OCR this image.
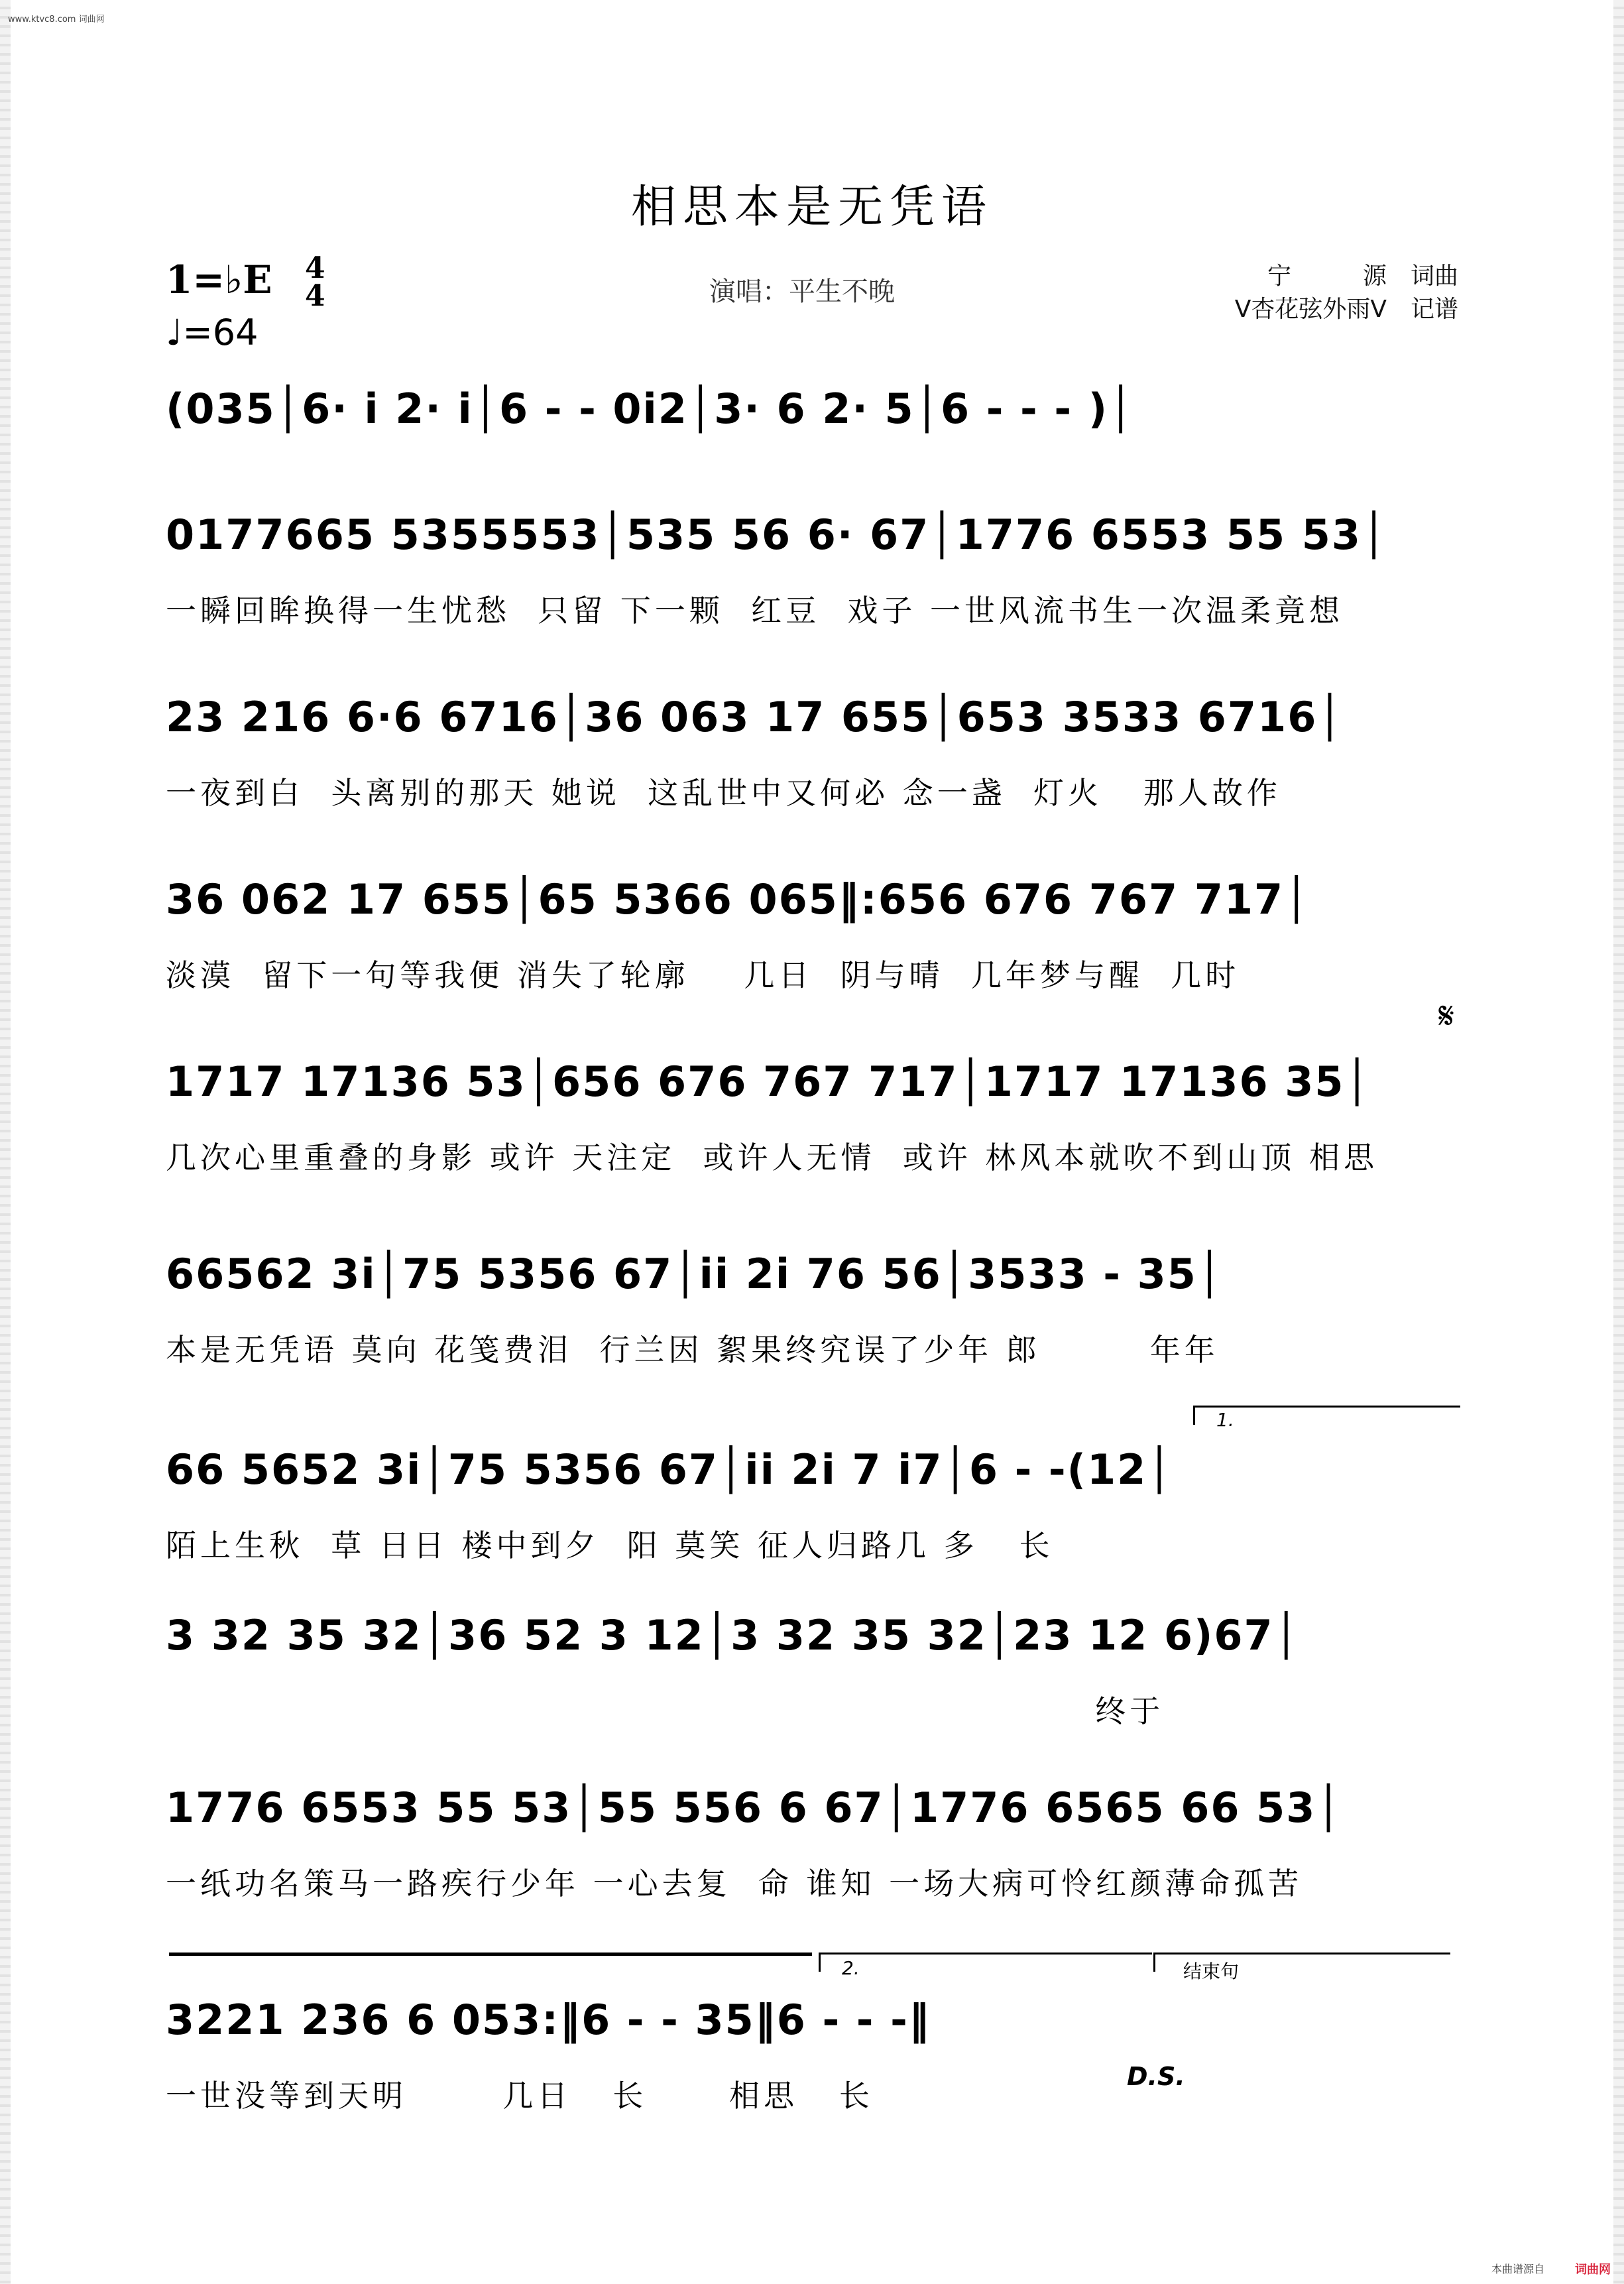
www.ktvc8.com 词曲网
相思本是无凭语
1=♭E 4
4
♩=64
演唱：平生不晚
宁　　　源　词曲
V杏花弦外雨V　记谱
(035│6· i 2· i│6 - - 0i2│3· 6 2· 5│6 - - - )│
0177665 5355553│535 56 6· 67│1776 6553 55 53│
一瞬回眸换得一生忧愁  只留 下一颗  红豆  戏子 一世风流书生一次温柔竟想
23 216 6·6 6716│36 063 17 655│653 3533 6716│
一夜到白  头离别的那天 她说  这乱世中又何必 念一盏  灯火   那人故作
36 062 17 655│65 5366 065‖:656 676 767 717│
淡漠  留下一句等我便 消失了轮廓    几日  阴与晴  几年梦与醒  几时
𝄋
1717 17136 53│656 676 767 717│1717 17136 35│
几次心里重叠的身影 或许 天注定  或许人无情  或许 林风本就吹不到山顶 相思
66562 3i│75 5356 67│ii 2i 76 56│3533 - 35│
本是无凭语 莫向 花笺费泪  行兰因 絮果终究误了少年 郎        年年
1.
66 5652 3i│75 5356 67│ii 2i 7 i7│6 - -(12│
陌上生秋  草 日日 楼中到夕  阳 莫笑 征人归路几 多   长
3 32 35 32│36 52 3 12│3 32 35 32│23 12 6)67│
终于
1776 6553 55 53│55 556 6 67│1776 6565 66 53│
一纸功名策马一路疾行少年 一心去复  命 谁知 一场大病可怜红颜薄命孤苦
2.	结束句
3221 236 6 053:‖6 - - 35‖6 - - -‖
一世没等到天明       几日   长      相思   长
D.S.
本曲谱源自	词曲网
